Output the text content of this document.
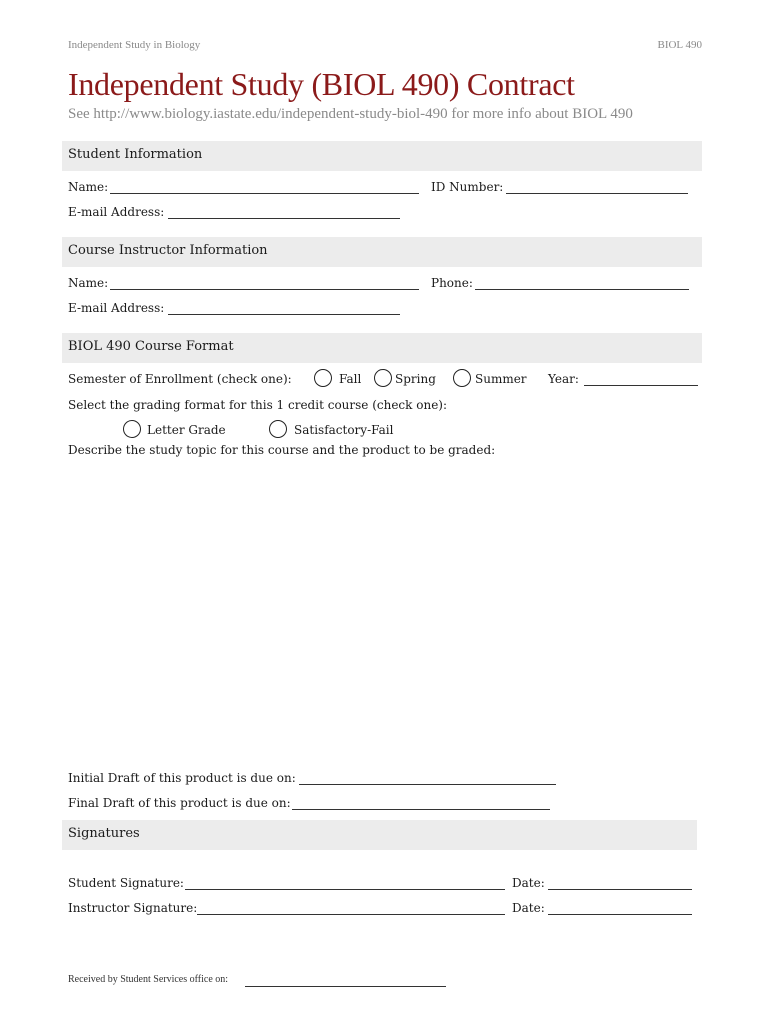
Independent Study in Biology	BIOL 490
Independent Study (BIOL 490) Contract
See http://www.biology.iastate.edu/independent-study-biol-490 for more info about BIOL 490
Student Information
Name:	ID Number:
E-mail Address:
Course Instructor Information
Name:	Phone:
E-mail Address:
BIOL 490 Course Format
Semester of Enrollment (check one):	Fall	Spring	Summer Year:
Select the grading format for this 1 credit course (check one):
Letter Grade	Satisfactory-Fail
Describe the study topic for this course and the product to be graded:
Initial Draft of this product is due on:
Final Draft of this product is due on:
Signatures
Student Signature:	Date:
Instructor Signature:	Date:
Received by Student Services office on:
